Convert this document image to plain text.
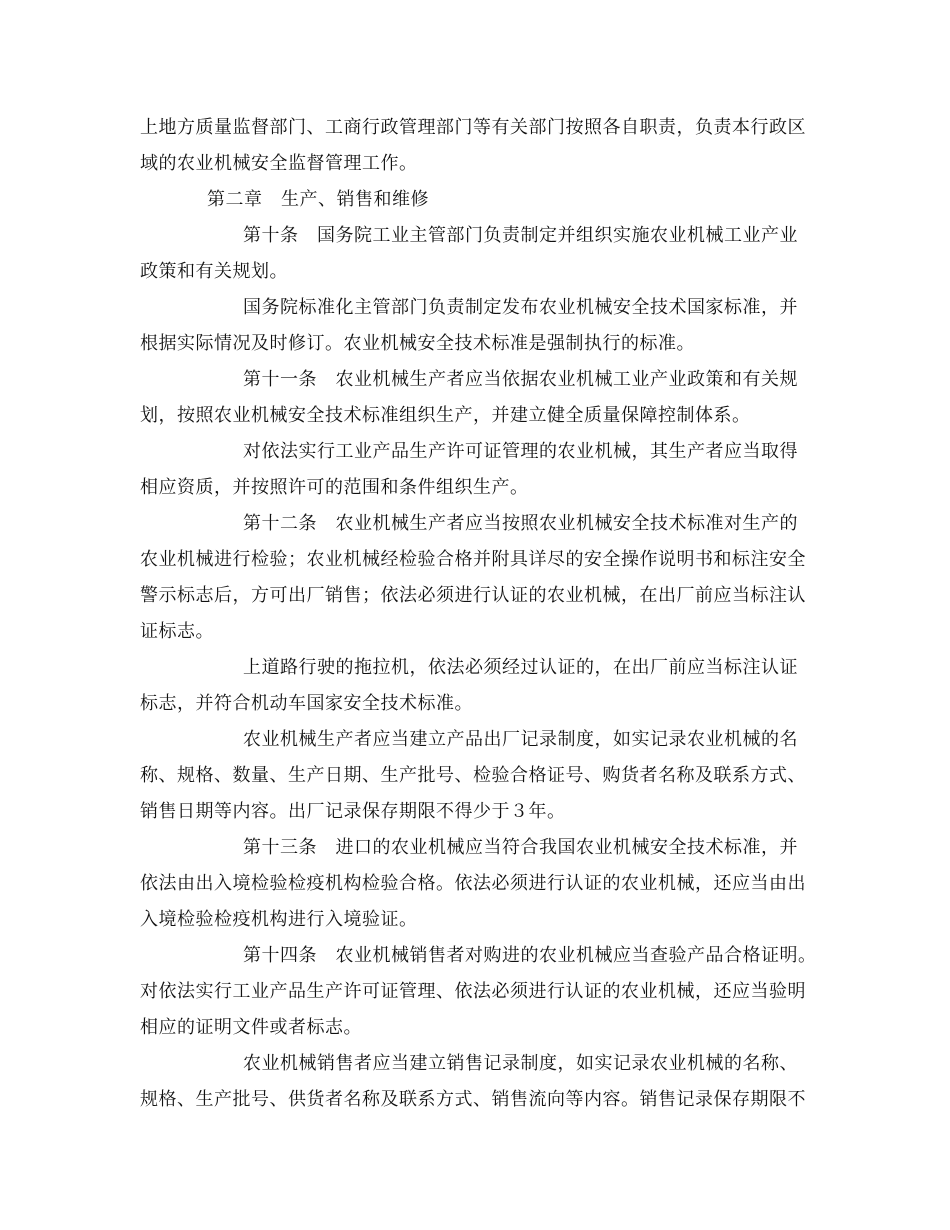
上地方质量监督部门、工商行政管理部门等有关部门按照各自职责，负责本行政区
域的农业机械安全监督管理工作。
第二章　生产、销售和维修
第十条　国务院工业主管部门负责制定并组织实施农业机械工业产业
政策和有关规划。
国务院标准化主管部门负责制定发布农业机械安全技术国家标准，并
根据实际情况及时修订。农业机械安全技术标准是强制执行的标准。
第十一条　农业机械生产者应当依据农业机械工业产业政策和有关规
划，按照农业机械安全技术标准组织生产，并建立健全质量保障控制体系。
对依法实行工业产品生产许可证管理的农业机械，其生产者应当取得
相应资质，并按照许可的范围和条件组织生产。
第十二条　农业机械生产者应当按照农业机械安全技术标准对生产的
农业机械进行检验；农业机械经检验合格并附具详尽的安全操作说明书和标注安全
警示标志后，方可出厂销售；依法必须进行认证的农业机械，在出厂前应当标注认
证标志。
上道路行驶的拖拉机，依法必须经过认证的，在出厂前应当标注认证
标志，并符合机动车国家安全技术标准。
农业机械生产者应当建立产品出厂记录制度，如实记录农业机械的名
称、规格、数量、生产日期、生产批号、检验合格证号、购货者名称及联系方式、
销售日期等内容。出厂记录保存期限不得少于３年。
第十三条　进口的农业机械应当符合我国农业机械安全技术标准，并
依法由出入境检验检疫机构检验合格。依法必须进行认证的农业机械，还应当由出
入境检验检疫机构进行入境验证。
第十四条　农业机械销售者对购进的农业机械应当查验产品合格证明。
对依法实行工业产品生产许可证管理、依法必须进行认证的农业机械，还应当验明
相应的证明文件或者标志。
农业机械销售者应当建立销售记录制度，如实记录农业机械的名称、
规格、生产批号、供货者名称及联系方式、销售流向等内容。销售记录保存期限不
